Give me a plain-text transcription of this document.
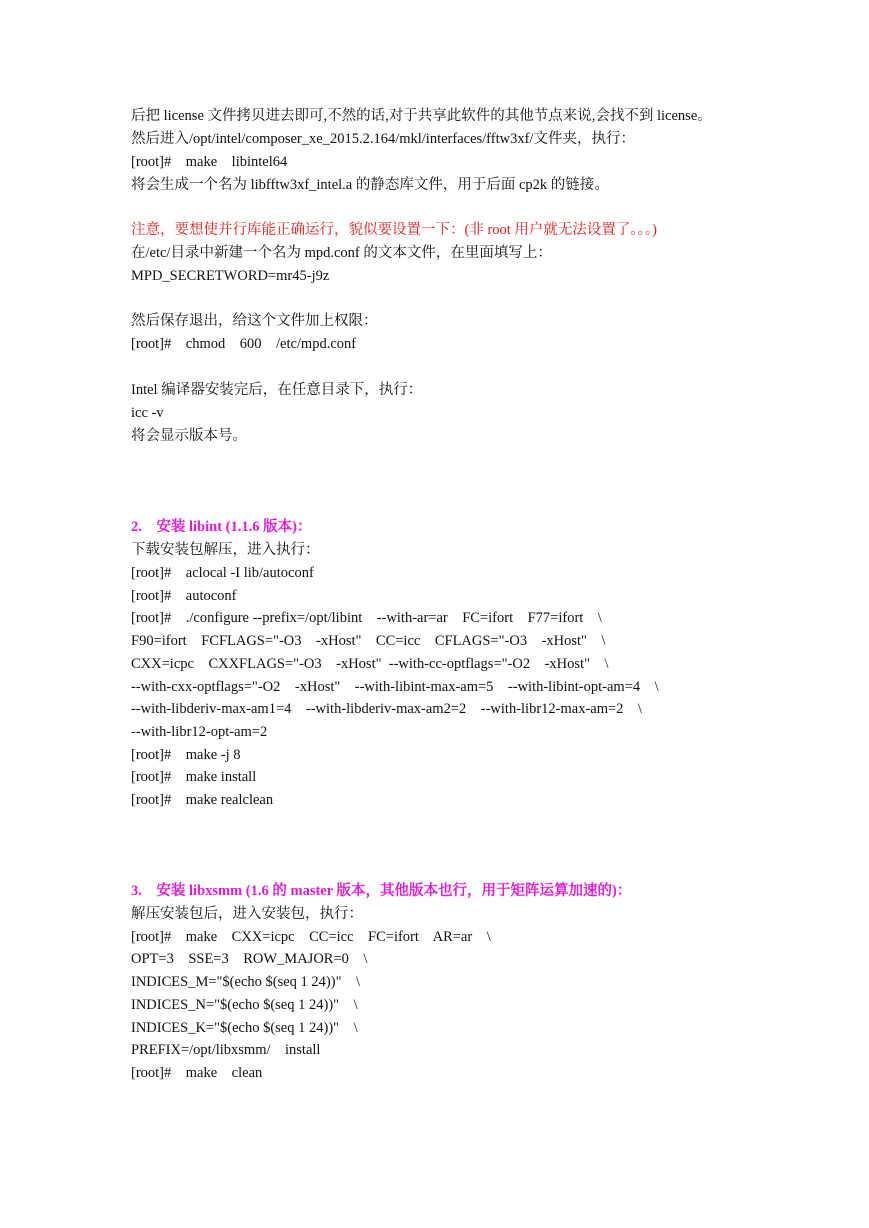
后把 license 文件拷贝进去即可,不然的话,对于共享此软件的其他节点来说,会找不到 license。
然后进入/opt/intel/composer_xe_2015.2.164/mkl/interfaces/fftw3xf/文件夹，执行：
[root]#    make    libintel64
将会生成一个名为 libfftw3xf_intel.a 的静态库文件，用于后面 cp2k 的链接。
注意，要想使并行库能正确运行，貌似要设置一下：(非 root 用户就无法设置了。。。)
在/etc/目录中新建一个名为 mpd.conf 的文本文件，在里面填写上：
MPD_SECRETWORD=mr45-j9z
然后保存退出，给这个文件加上权限：
[root]#    chmod    600    /etc/mpd.conf
Intel 编译器安装完后，在任意目录下，执行：
icc -v
将会显示版本号。
2.    安装 libint (1.1.6 版本)：
下载安装包解压，进入执行：
[root]#    aclocal -I lib/autoconf
[root]#    autoconf
[root]#    ./configure --prefix=/opt/libint    --with-ar=ar    FC=ifort    F77=ifort    \
F90=ifort    FCFLAGS="-O3    -xHost"    CC=icc    CFLAGS="-O3    -xHost"    \
CXX=icpc    CXXFLAGS="-O3    -xHost"  --with-cc-optflags="-O2    -xHost"    \
--with-cxx-optflags="-O2    -xHost"    --with-libint-max-am=5    --with-libint-opt-am=4    \
--with-libderiv-max-am1=4    --with-libderiv-max-am2=2    --with-libr12-max-am=2    \
--with-libr12-opt-am=2
[root]#    make -j 8
[root]#    make install
[root]#    make realclean
3.    安装 libxsmm (1.6 的 master 版本，其他版本也行，用于矩阵运算加速的)：
解压安装包后，进入安装包，执行：
[root]#    make    CXX=icpc    CC=icc    FC=ifort    AR=ar    \
OPT=3    SSE=3    ROW_MAJOR=0    \
INDICES_M="$(echo $(seq 1 24))"    \
INDICES_N="$(echo $(seq 1 24))"    \
INDICES_K="$(echo $(seq 1 24))"    \
PREFIX=/opt/libxsmm/    install
[root]#    make    clean
